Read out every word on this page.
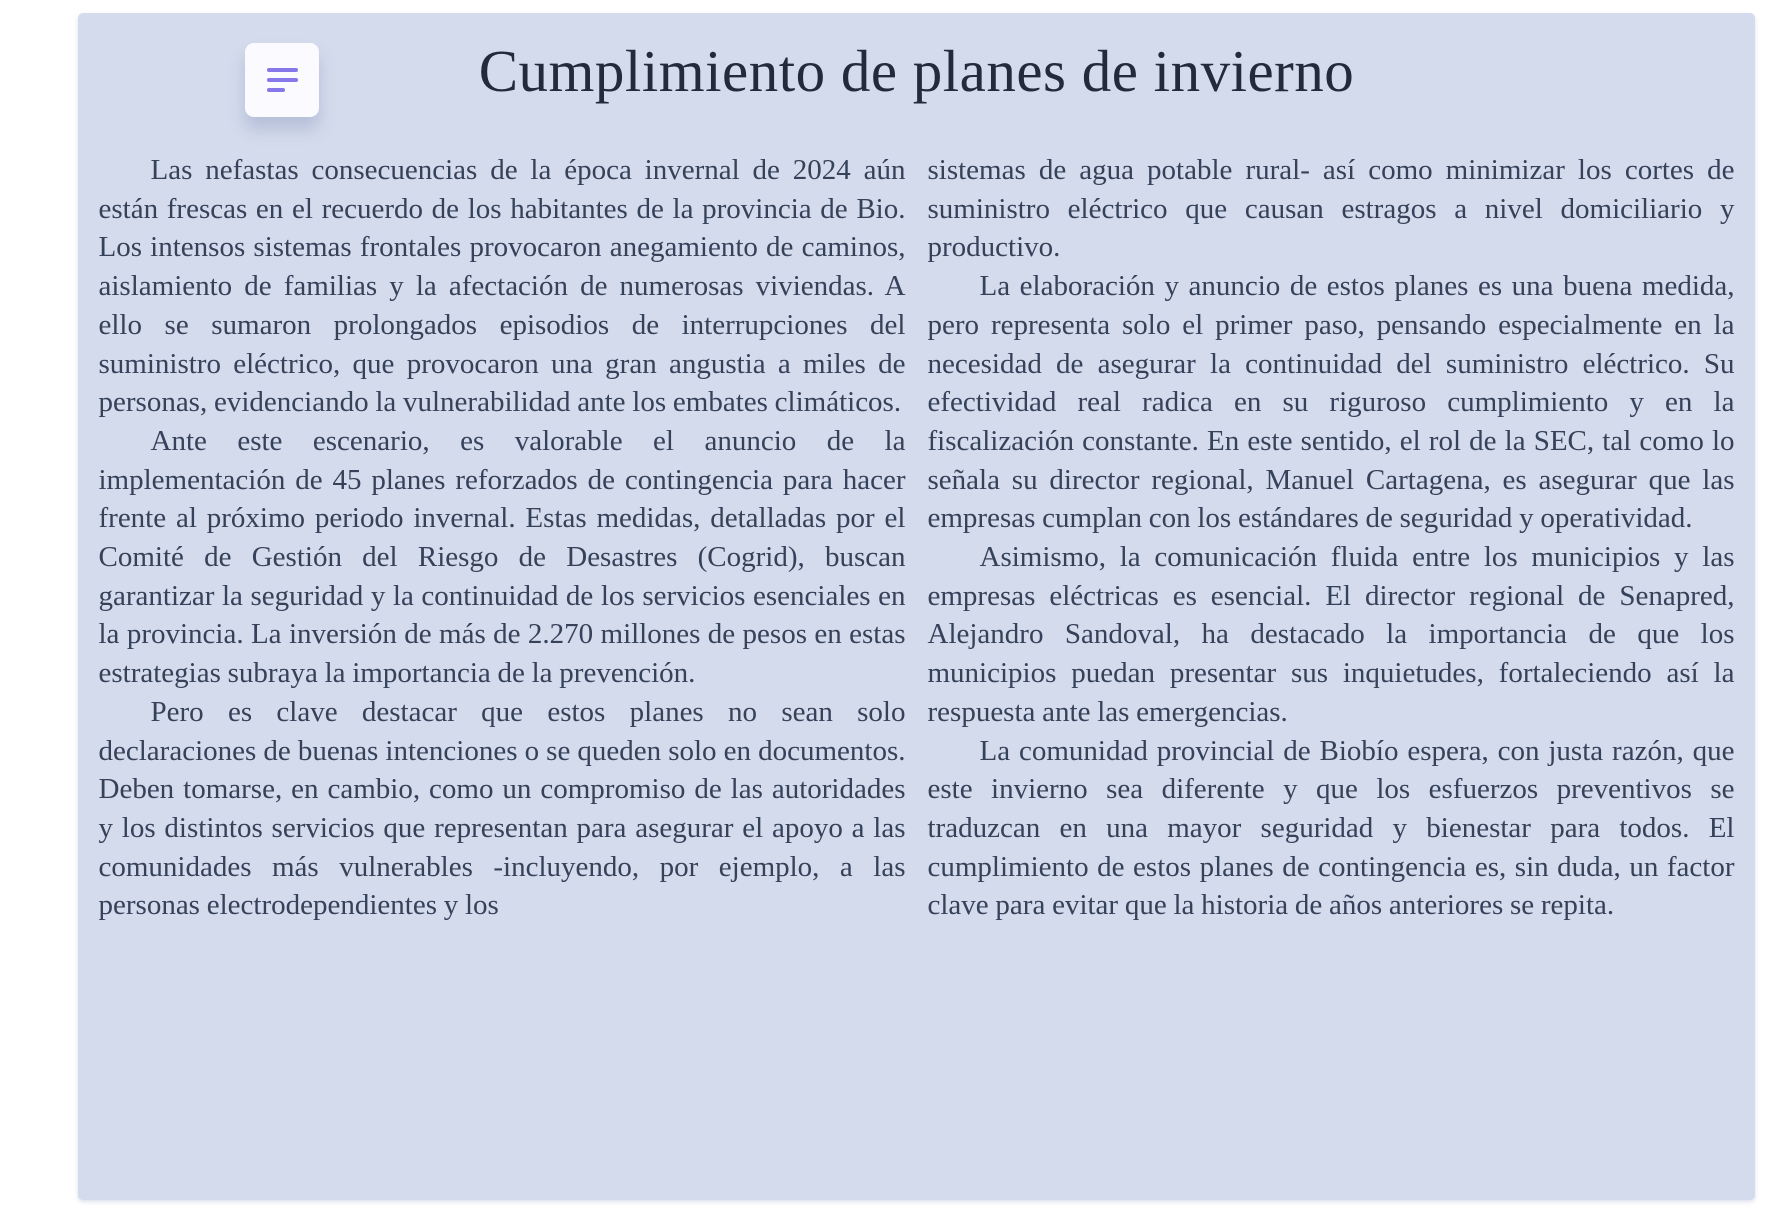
Cumplimiento de planes de invierno

Las nefastas consecuencias de la época invernal de 2024 aún están frescas en el recuerdo de los habitantes de la provincia de Bio. Los intensos sistemas frontales provocaron anegamiento de caminos, aislamiento de familias y la afectación de numerosas viviendas. A ello se sumaron prolongados episodios de interrupciones del suministro eléctrico, que provocaron una gran angustia a miles de personas, evidenciando la vulnerabilidad ante los embates climáticos.

Ante este escenario, es valorable el anuncio de la implementación de 45 planes reforzados de contingencia para hacer frente al próximo periodo invernal. Estas medidas, detalladas por el Comité de Gestión del Riesgo de Desastres (Cogrid), buscan garantizar la seguridad y la continuidad de los servicios esenciales en la provincia. La inversión de más de 2.270 millones de pesos en estas estrategias subraya la importancia de la prevención.

Pero es clave destacar que estos planes no sean solo declaraciones de buenas intenciones o se queden solo en documentos. Deben tomarse, en cambio, como un compromiso de las autoridades y los distintos servicios que representan para asegurar el apoyo a las comunidades más vulnerables -incluyendo, por ejemplo, a las personas electrodependientes y los

sistemas de agua potable rural- así como minimizar los cortes de suministro eléctrico que causan estragos a nivel domiciliario y productivo.

La elaboración y anuncio de estos planes es una buena medida, pero representa solo el primer paso, pensando especialmente en la necesidad de asegurar la continuidad del suministro eléctrico. Su efectividad real radica en su riguroso cumplimiento y en la fiscalización constante. En este sentido, el rol de la SEC, tal como lo señala su director regional, Manuel Cartagena, es asegurar que las empresas cumplan con los estándares de seguridad y operatividad.

Asimismo, la comunicación fluida entre los municipios y las empresas eléctricas es esencial. El director regional de Senapred, Alejandro Sandoval, ha destacado la importancia de que los municipios puedan presentar sus inquietudes, fortaleciendo así la respuesta ante las emergencias.

La comunidad provincial de Biobío espera, con justa razón, que este invierno sea diferente y que los esfuerzos preventivos se traduzcan en una mayor seguridad y bienestar para todos. El cumplimiento de estos planes de contingencia es, sin duda, un factor clave para evitar que la historia de años anteriores se repita.
